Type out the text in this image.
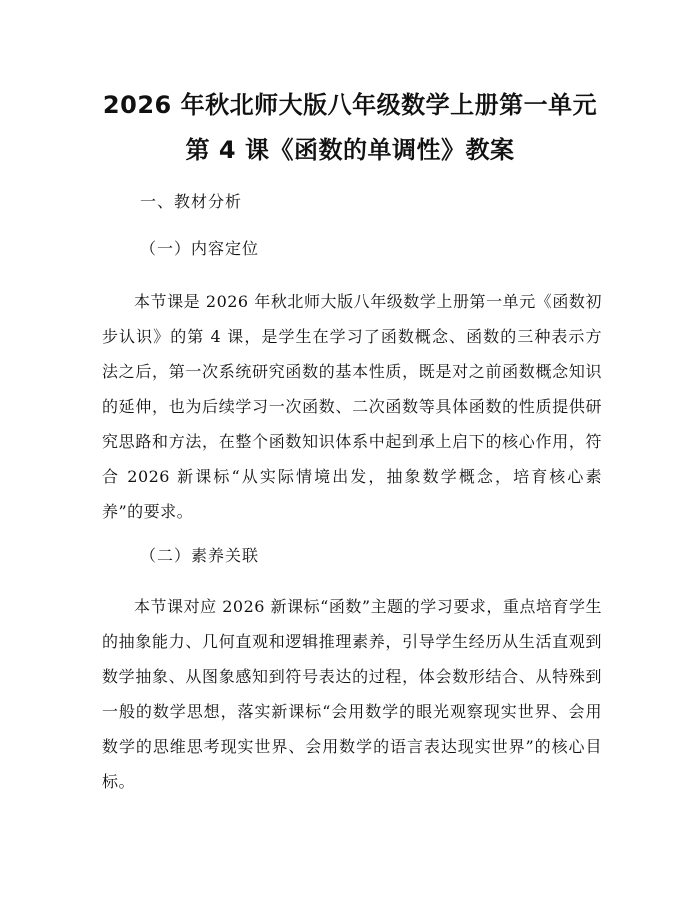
2026 年秋北师大版八年级数学上册第一单元
第 4 课《函数的单调性》教案
一、教材分析
（一）内容定位

本节课是 2026 年秋北师大版八年级数学上册第一单元《函数初步认识》的第 4 课，是学生在学习了函数概念、函数的三种表示方法之后，第一次系统研究函数的基本性质，既是对之前函数概念知识的延伸，也为后续学习一次函数、二次函数等具体函数的性质提供研究思路和方法，在整个函数知识体系中起到承上启下的核心作用，符合 2026 新课标“从实际情境出发，抽象数学概念，培育核心素养”的要求。

（二）素养关联

本节课对应 2026 新课标“函数”主题的学习要求，重点培育学生的抽象能力、几何直观和逻辑推理素养，引导学生经历从生活直观到数学抽象、从图象感知到符号表达的过程，体会数形结合、从特殊到一般的数学思想，落实新课标“会用数学的眼光观察现实世界、会用数学的思维思考现实世界、会用数学的语言表达现实世界”的核心目标。
